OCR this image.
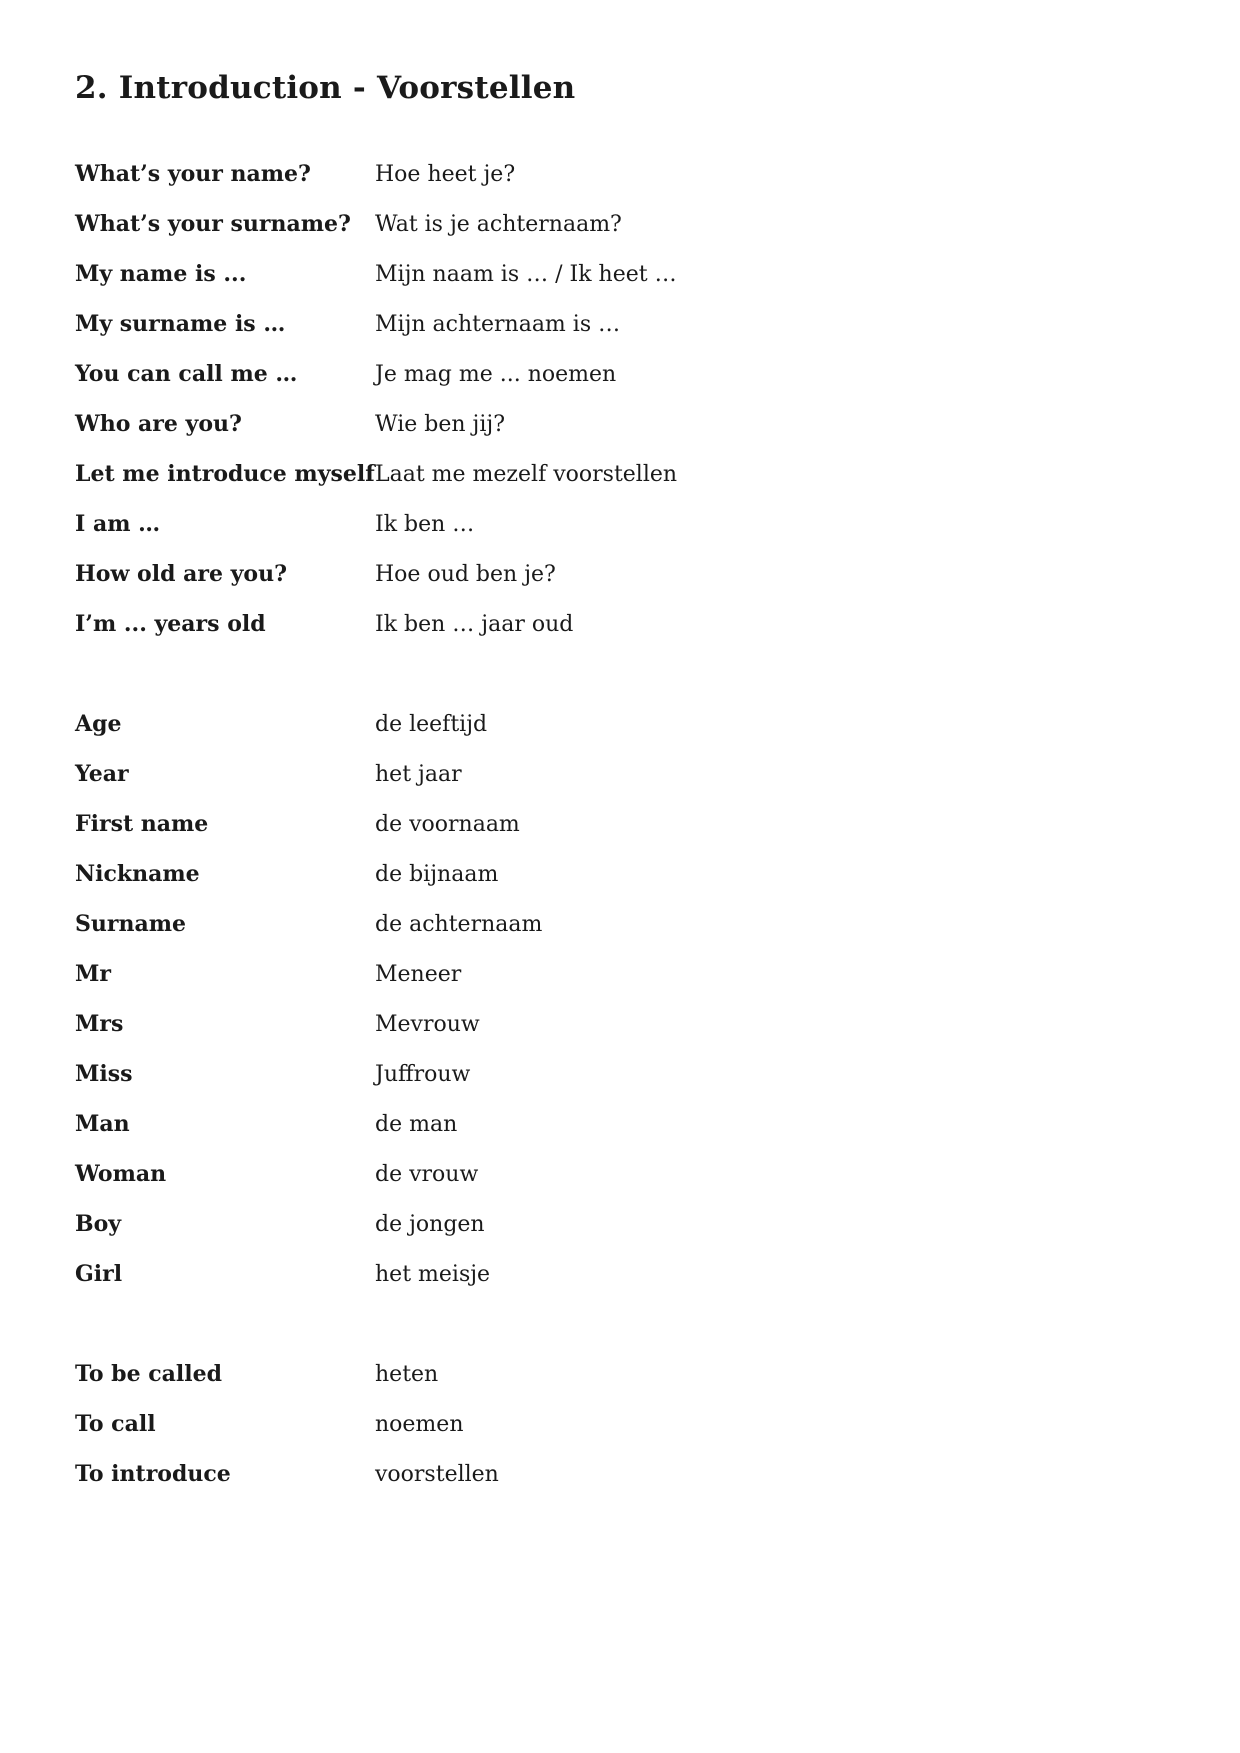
2. Introduction - Voorstellen
What’s your name?	Hoe heet je?
What’s your surname?	Wat is je achternaam?
My name is ...	Mijn naam is … / Ik heet …
My surname is …	Mijn achternaam is …
You can call me …	Je mag me ... noemen
Who are you?	Wie ben jij?
Let me introduce myself Laat me mezelf voorstellen
I am …	Ik ben …
How old are you?	Hoe oud ben je?
I’m ... years old	Ik ben … jaar oud
Age	de leeftijd
Year	het jaar
First name	de voornaam
Nickname	de bijnaam
Surname	de achternaam
Mr	Meneer
Mrs	Mevrouw
Miss	Juffrouw
Man	de man
Woman	de vrouw
Boy	de jongen
Girl	het meisje
To be called	heten
To call	noemen
To introduce	voorstellen
